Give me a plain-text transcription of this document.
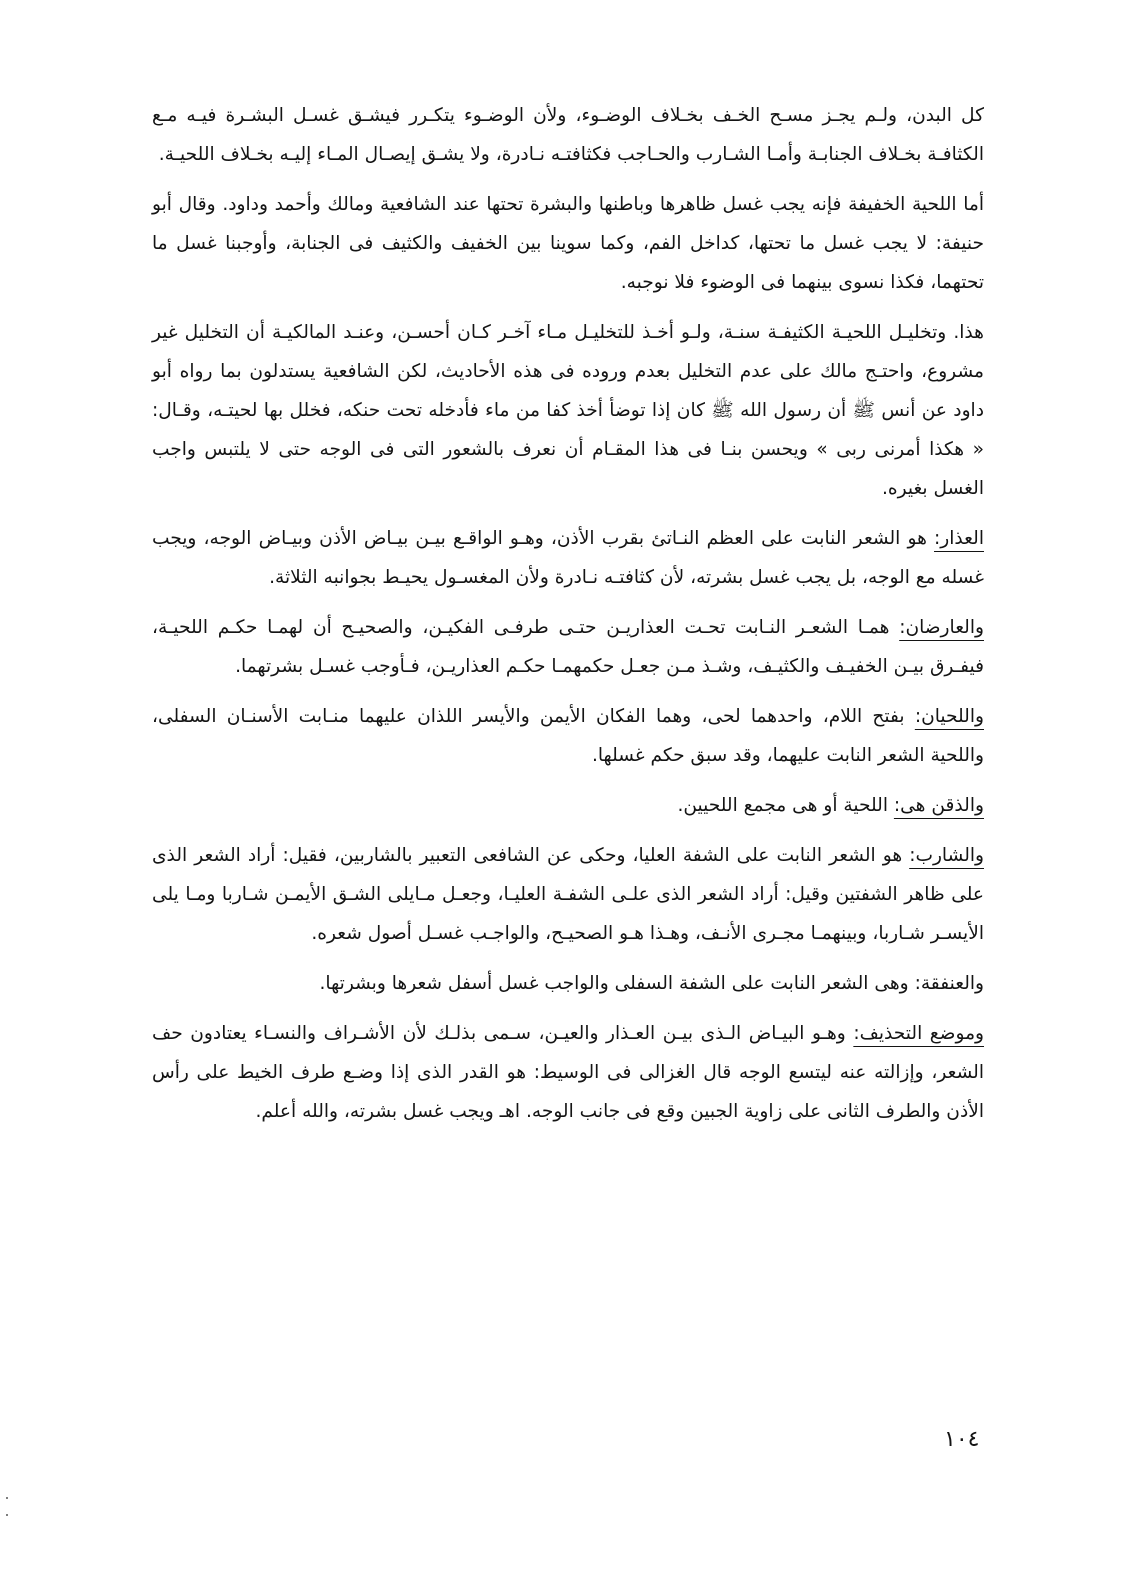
كل البدن، ولـم يجـز مسـح الخـف بخـلاف الوضـوء، ولأن الوضـوء يتكـرر فيشـق غسـل البشـرة فيـه مـع الكثافـة بخـلاف الجنابـة وأمـا الشـارب والحـاجب فكثافتـه نـادرة، ولا يشـق إيصـال المـاء إليـه بخـلاف اللحيـة.

أما اللحية الخفيفة فإنه يجب غسل ظاهرها وباطنها والبشرة تحتها عند الشافعية ومالك وأحمد وداود. وقال أبو حنيفة: لا يجب غسل ما تحتها، كداخل الفم، وكما سوينا بين الخفيف والكثيف فى الجنابة، وأوجبنا غسل ما تحتهما، فكذا نسوى بينهما فى الوضوء فلا نوجبه.

هذا. وتخليـل اللحيـة الكثيفـة سنـة، ولـو أخـذ للتخليـل مـاء آخـر كـان أحسـن، وعنـد المالكيـة أن التخليل غير مشروع، واحتـج مالك على عدم التخليل بعدم وروده فى هذه الأحاديث، لكن الشافعية يستدلون بما رواه أبو داود عن أنس ﷺ أن رسول الله ﷺ كان إذا توضأ أخذ كفا من ماء فأدخله تحت حنكه، فخلل بها لحيتـه، وقـال: « هكذا أمرنى ربى » ويحسن بنـا فى هذا المقـام أن نعرف بالشعور التى فى الوجه حتى لا يلتبس واجب الغسل بغيره.

العذار: هو الشعر النابت على العظم النـاتئ بقرب الأذن، وهـو الواقـع بيـن بيـاض الأذن وبيـاض الوجه، ويجب غسله مع الوجه، بل يجب غسل بشرته، لأن كثافتـه نـادرة ولأن المغسـول يحيـط بجوانبه الثلاثة.

والعارضان: همـا الشعـر النـابت تحـت العذاريـن حتـى طرفـى الفكيـن، والصحيـح أن لهمـا حكـم اللحيـة، فيفـرق بيـن الخفيـف والكثيـف، وشـذ مـن جعـل حكمهمـا حكـم العذاريـن، فـأوجب غسـل بشرتهما.

واللحيان: بفتح اللام، واحدهما لحى، وهما الفكان الأيمن والأيسر اللذان عليهما منـابت الأسنـان السفلى، واللحية الشعر النابت عليهما، وقد سبق حكم غسلها.

والذقن هى: اللحية أو هى مجمع اللحيين.

والشارب: هو الشعر النابت على الشفة العليا، وحكى عن الشافعى التعبير بالشاربين، فقيل: أراد الشعر الذى على ظاهر الشفتين وقيل: أراد الشعر الذى علـى الشفـة العليـا، وجعـل مـايلى الشـق الأيمـن شـاربا ومـا يلى الأيسـر شـاربا، وبينهمـا مجـرى الأنـف، وهـذا هـو الصحيـح، والواجـب غسـل أصول شعره.

والعنفقة: وهى الشعر النابت على الشفة السفلى والواجب غسل أسفل شعرها وبشرتها.

وموضع التحذيف: وهـو البيـاض الـذى بيـن العـذار والعيـن، سـمى بذلـك لأن الأشـراف والنسـاء يعتادون حف الشعر، وإزالته عنه ليتسع الوجه قال الغزالى فى الوسيط: هو القدر الذى إذا وضـع طرف الخيط على رأس الأذن والطرف الثانى على زاوية الجبين وقع فى جانب الوجه. اهـ ويجب غسل بشرته، والله أعلم.

١٠٤
